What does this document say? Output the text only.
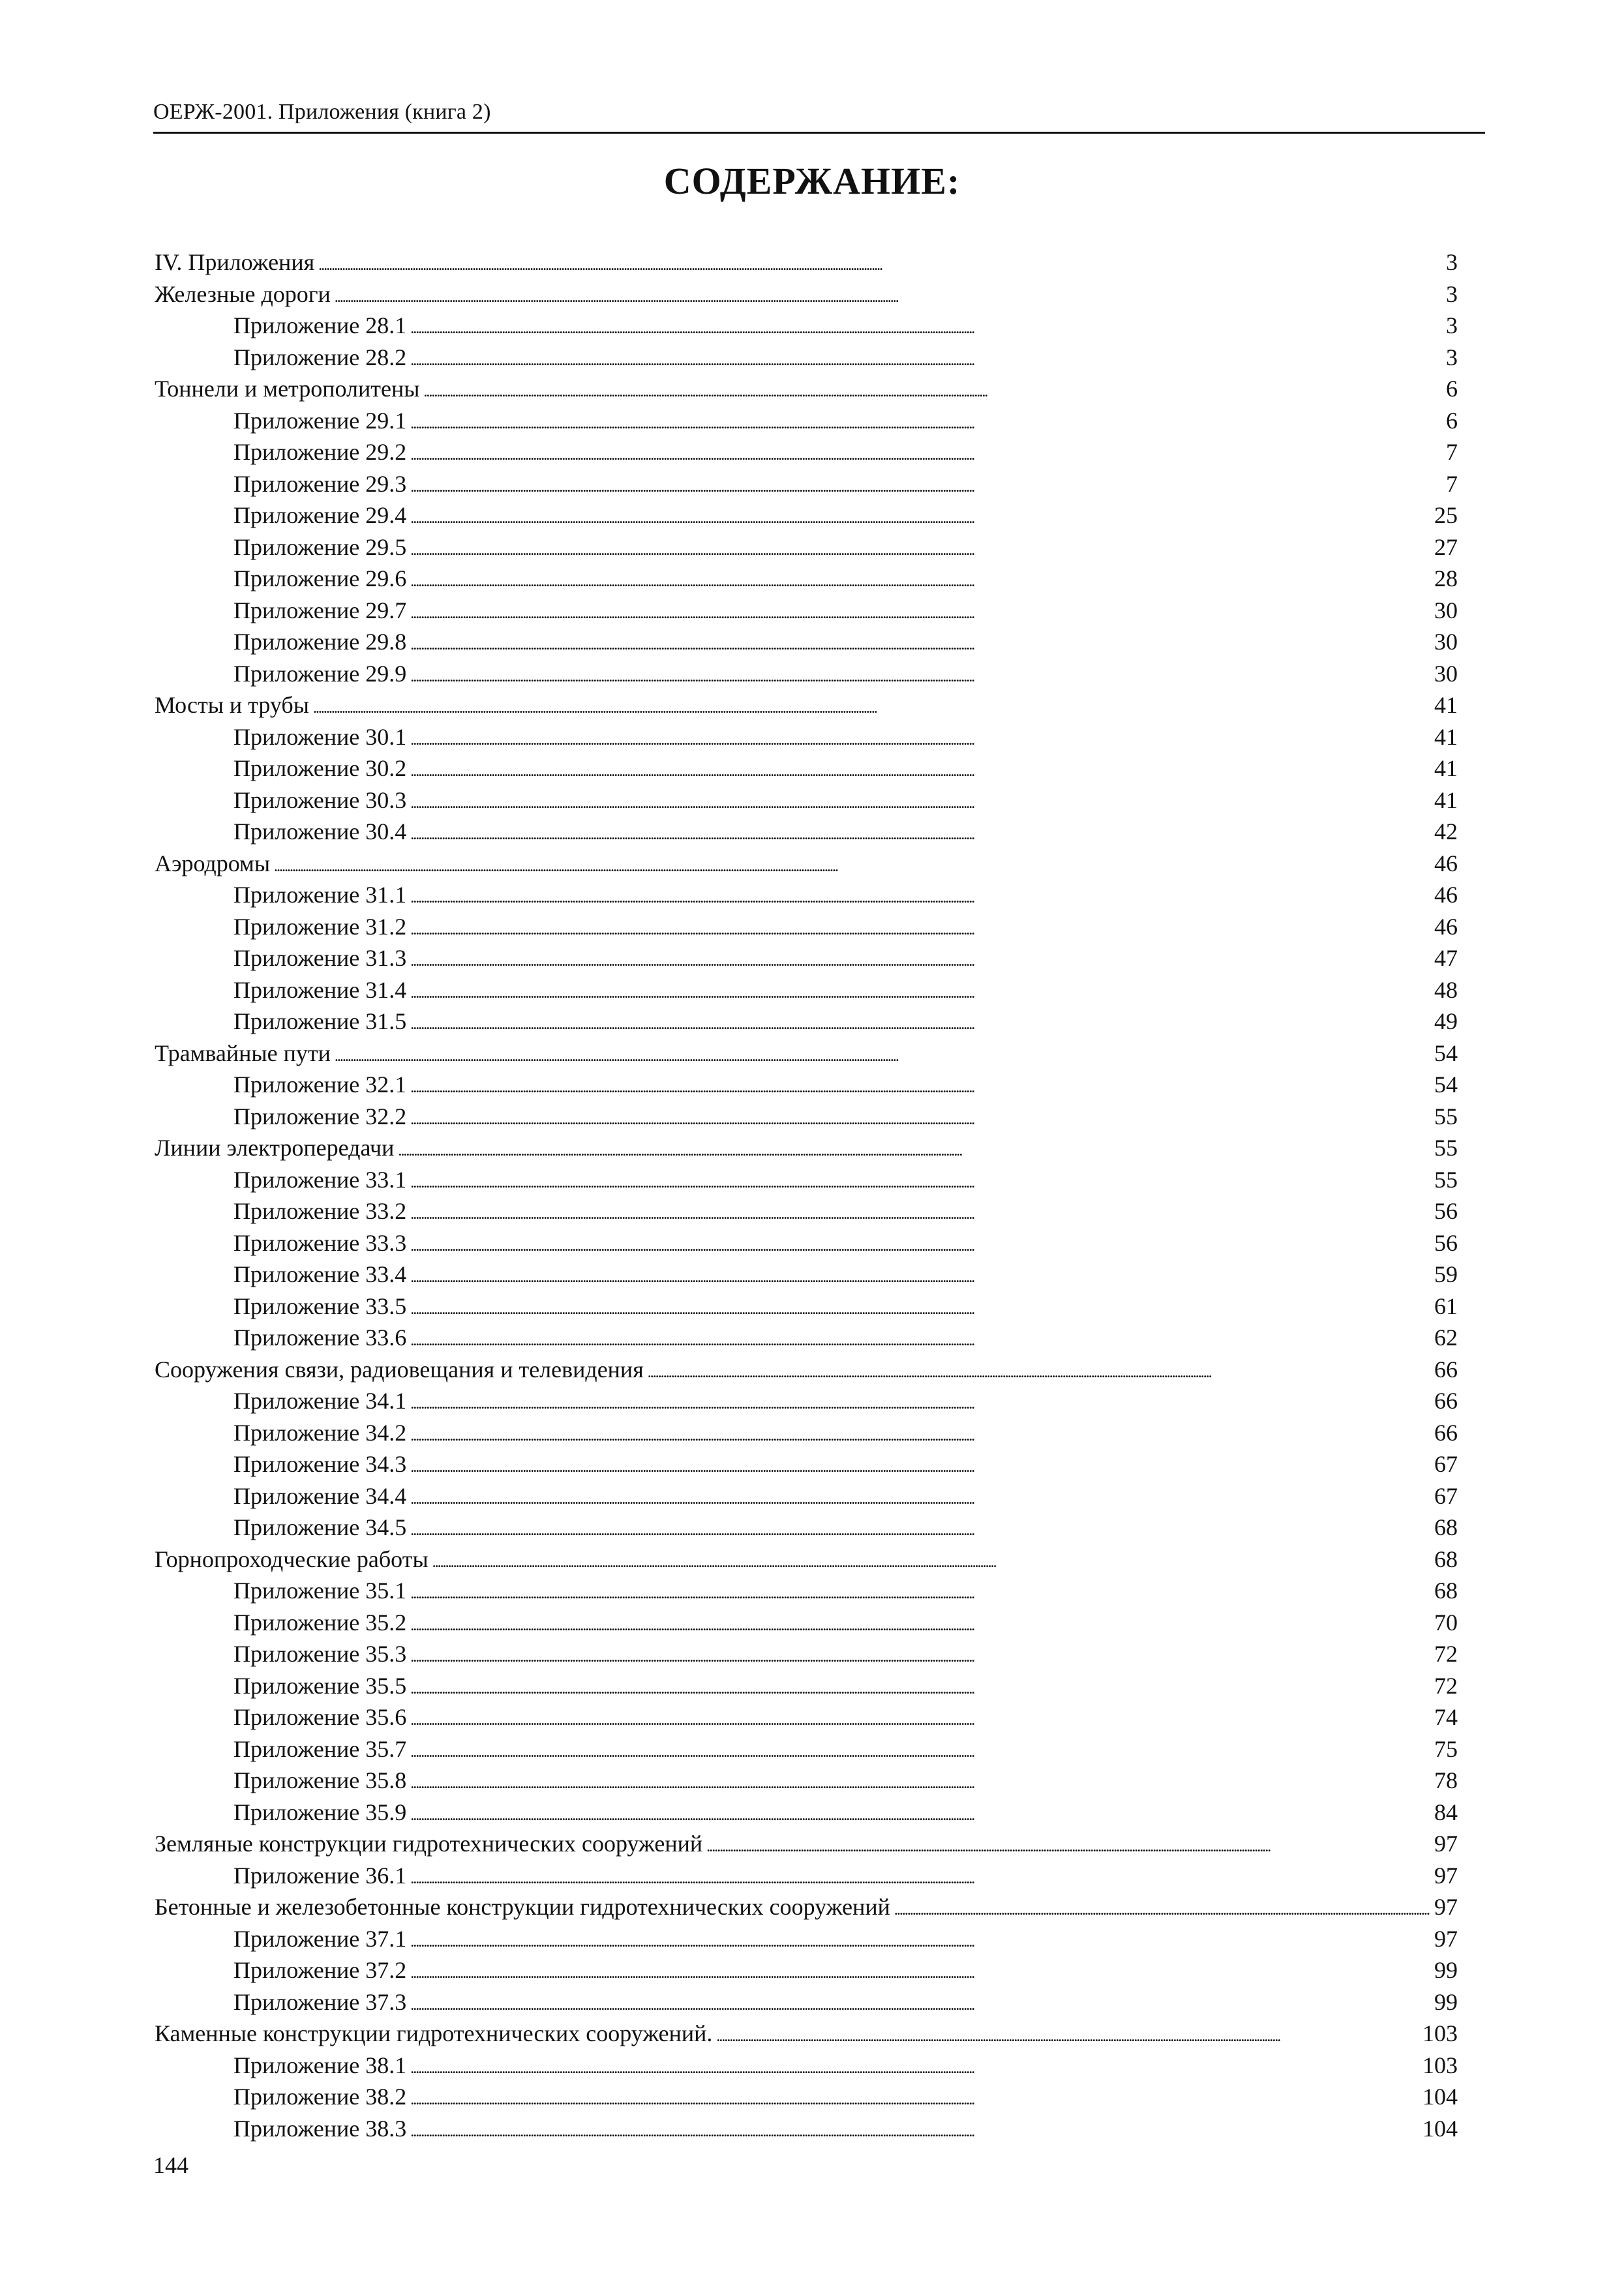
ОЕРЖ-2001. Приложения (книга 2)
СОДЕРЖАНИЕ:
IV. Приложения . . .	3
Железные дороги . . .	3
Приложение 28.1 . . .	3
Приложение 28.2 . . .	3
Тоннели и метрополитены . . .	6
Приложение 29.1 . . .	6
Приложение 29.2 . . .	7
Приложение 29.3 . . .	7
Приложение 29.4 . . .	25
Приложение 29.5 . . .	27
Приложение 29.6 . . .	28
Приложение 29.7 . . .	30
Приложение 29.8 . . .	30
Приложение 29.9 . . .	30
Мосты и трубы . . .	41
Приложение 30.1 . . .	41
Приложение 30.2 . . .	41
Приложение 30.3 . . .	41
Приложение 30.4 . . .	42
Аэродромы . . .	46
Приложение 31.1 . . .	46
Приложение 31.2 . . .	46
Приложение 31.3 . . .	47
Приложение 31.4 . . .	48
Приложение 31.5 . . .	49
Трамвайные пути . . .	54
Приложение 32.1 . . .	54
Приложение 32.2 . . .	55
Линии электропередачи . . .	55
Приложение 33.1 . . .	55
Приложение 33.2 . . .	56
Приложение 33.3 . . .	56
Приложение 33.4 . . .	59
Приложение 33.5 . . .	61
Приложение 33.6 . . .	62
Сооружения связи, радиовещания и телевидения . . .	66
Приложение 34.1 . . .	66
Приложение 34.2 . . .	66
Приложение 34.3 . . .	67
Приложение 34.4 . . .	67
Приложение 34.5 . . .	68
Горнопроходческие работы . . .	68
Приложение 35.1 . . .	68
Приложение 35.2 . . .	70
Приложение 35.3 . . .	72
Приложение 35.5 . . .	72
Приложение 35.6 . . .	74
Приложение 35.7 . . .	75
Приложение 35.8 . . .	78
Приложение 35.9 . . .	84
Земляные конструкции гидротехнических сооружений . . .	97
Приложение 36.1 . . .	97
Бетонные и железобетонные конструкции гидротехнических сооружений . . .	97
Приложение 37.1 . . .	97
Приложение 37.2 . . .	99
Приложение 37.3 . . .	99
Каменные конструкции гидротехнических сооружений. . . .	103
Приложение 38.1 . . .	103
Приложение 38.2 . . .	104
Приложение 38.3 . . .	104
144
